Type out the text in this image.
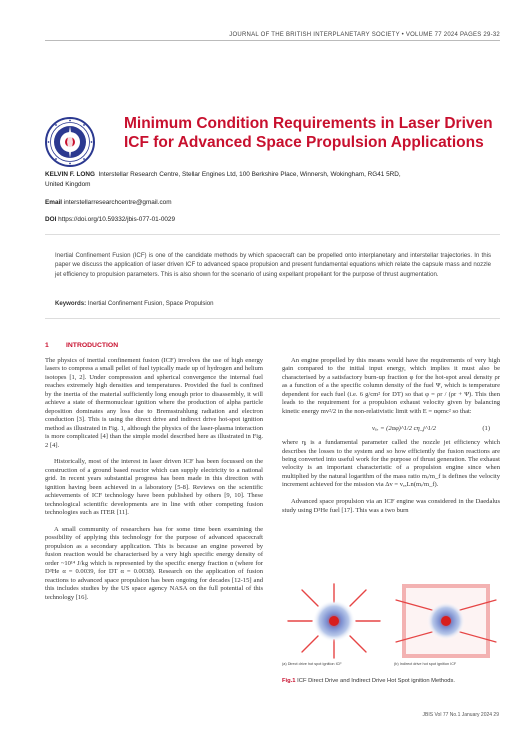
JOURNAL OF THE BRITISH INTERPLANETARY SOCIETY • VOLUME 77 2024 PAGES 29-32
Minimum Condition Requirements in Laser Driven
ICF for Advanced Space Propulsion Applications
KELVIN F. LONG Interstellar Research Centre, Stellar Engines Ltd, 100 Berkshire Place, Winnersh, Wokingham, RG41 5RD,
United Kingdom
Email interstellarresearchcentre@gmail.com
DOI https://doi.org/10.59332/jbis-077-01-0029
Inertial Confinement Fusion (ICF) is one of the candidate methods by which spacecraft can be propelled onto interplanetary and interstellar trajectories. In this paper we discuss the application of laser driven ICF to advanced space propulsion and present fundamental equations which relate the capsule mass and nozzle jet efficiency to propulsion parameters. This is also shown for the scenario of using expellant propellant for the purpose of thrust augmentation.
Keywords: Inertial Confinement Fusion, Space Propulsion
1	INTRODUCTION

The physics of inertial confinement fusion (ICF) involves the use of high energy lasers to compress a small pellet of fuel typically made up of hydrogen and helium isotopes [1, 2]. Under compression and spherical convergence the internal fuel reaches extremely high densities and temperatures. Provided the fuel is confined by the inertia of the material sufficiently long enough prior to disassembly, it will achieve a state of thermonuclear ignition where the production of alpha particle deposition dominates any loss due to Bremsstrahlung radiation and electron conduction [3]. This is using the direct drive and indirect drive hot-spot ignition method as illustrated in Fig. 1, although the physics of the laser-plasma interaction is more complicated [4] than the simple model described here as illustrated in Fig. 2 [4].

Historically, most of the interest in laser driven ICF has been focussed on the construction of a ground based reactor which can supply electricity to a national grid. In recent years substantial progress has been made in this direction with ignition having been achieved in a laboratory [5-8]. Reviews on the scientific achievements of ICF technology have been published by others [9, 10]. These technological scientific developments are in line with other competing fusion technologies such as ITER [11].

A small community of researchers has for some time been examining the possibility of applying this technology for the purpose of advanced spacecraft propulsion as a secondary application. This is because an engine powered by fusion reaction would be characterised by a very high specific energy density of order ~10¹⁴ J/kg which is represented by the specific energy fraction α (where for D³He α = 0.0039, for DT α = 0.0038). Research on the application of fusion reactions to advanced space propulsion has been ongoing for decades [12-15] and this includes studies by the US space agency NASA on the full potential of this technology [16].

An engine propelled by this means would have the requirements of very high gain compared to the initial input energy, which implies it must also be characterised by a satisfactory burn-up fraction φ for the hot-spot areal density ρr as a function of a the specific column density of the fuel Ψ, which is temperature dependent for each fuel (i.e. 6 g/cm² for DT) so that φ = ρr / (ρr + Ψ). This then leads to the requirement for a propulsion exhaust velocity given by balancing kinetic energy mv²/2 in the non-relativistic limit with E = αφmc² so that:

vₑₓ = (2αφ)^1/2 cη_j^1/2	(1)

where ηⱼ is a fundamental parameter called the nozzle jet efficiency which describes the losses to the system and so how efficiently the fusion reactions are being converted into useful work for the purpose of thrust generation. The exhaust velocity is an important characteristic of a propulsion engine since when multiplied by the natural logarithm of the mass ratio mᵢ/m_f is defines the velocity increment achieved for the mission via Δv = vₑₓLn(mᵢ/m_f).

Advanced space propulsion via an ICF engine was considered in the Daedalus study using D³He fuel [17]. This was a two burn

(a) Direct drive hot spot ignition ICF	(b) Indirect drive hot spot ignition ICF
Fig.1 ICF Direct Drive and Indirect Drive Hot Spot ignition Methods.
JBIS Vol 77 No.1 January 2024 29
